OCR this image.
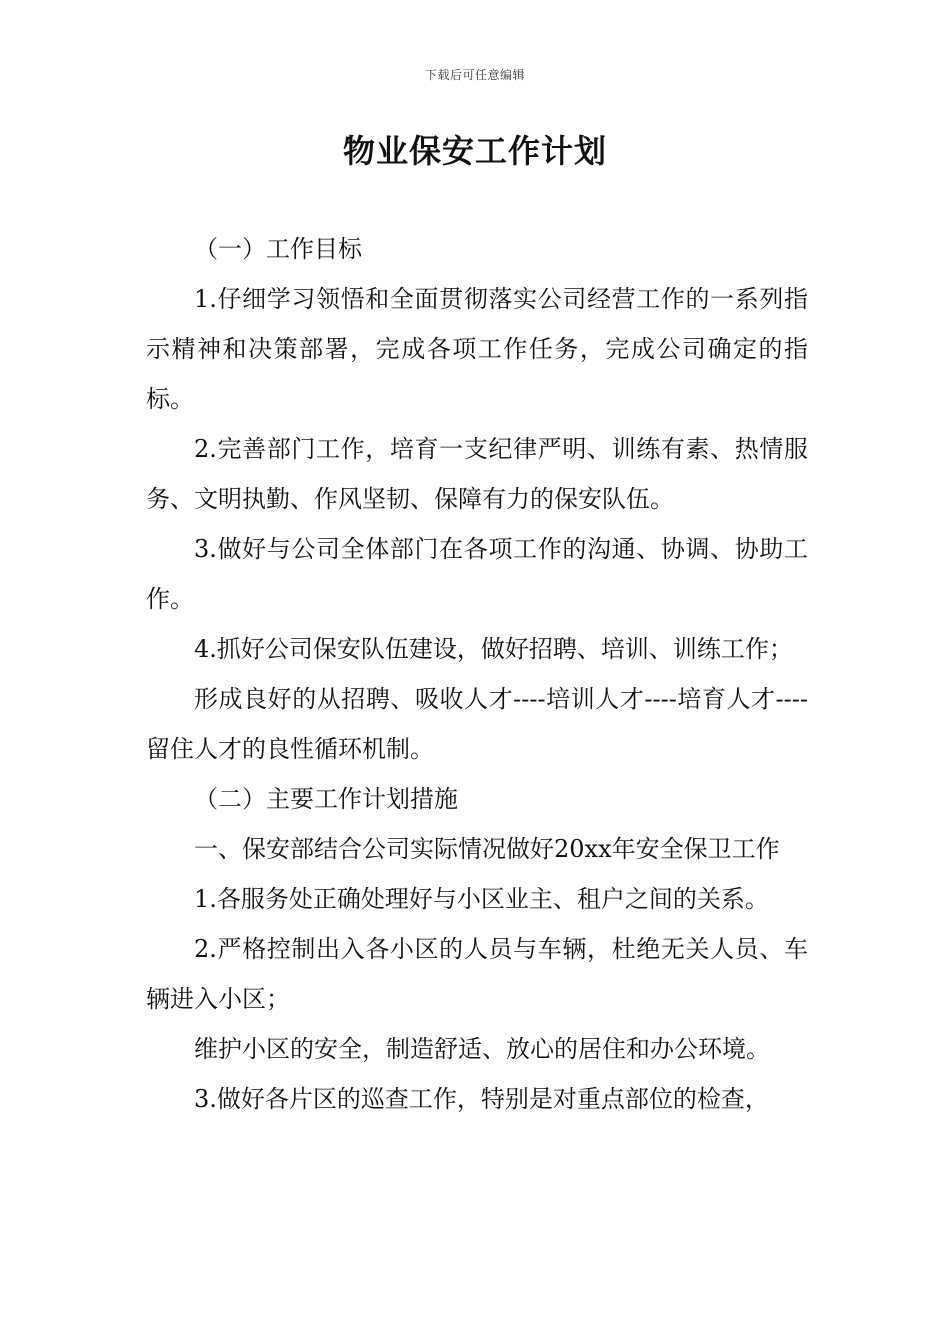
下载后可任意编辑
物业保安工作计划

（一）工作目标

1.仔细学习领悟和全面贯彻落实公司经营工作的一系列指示精神和决策部署，完成各项工作任务，完成公司确定的指标。

2.完善部门工作，培育一支纪律严明、训练有素、热情服务、文明执勤、作风坚韧、保障有力的保安队伍。

3.做好与公司全体部门在各项工作的沟通、协调、协助工作。

4.抓好公司保安队伍建设，做好招聘、培训、训练工作；

形成良好的从招聘、吸收人才----培训人才----培育人才----留住人才的良性循环机制。

（二）主要工作计划措施

一、保安部结合公司实际情况做好20xx年安全保卫工作

1.各服务处正确处理好与小区业主、租户之间的关系。

2.严格控制出入各小区的人员与车辆，杜绝无关人员、车辆进入小区；

维护小区的安全，制造舒适、放心的居住和办公环境。

3.做好各片区的巡查工作，特别是对重点部位的检查，
